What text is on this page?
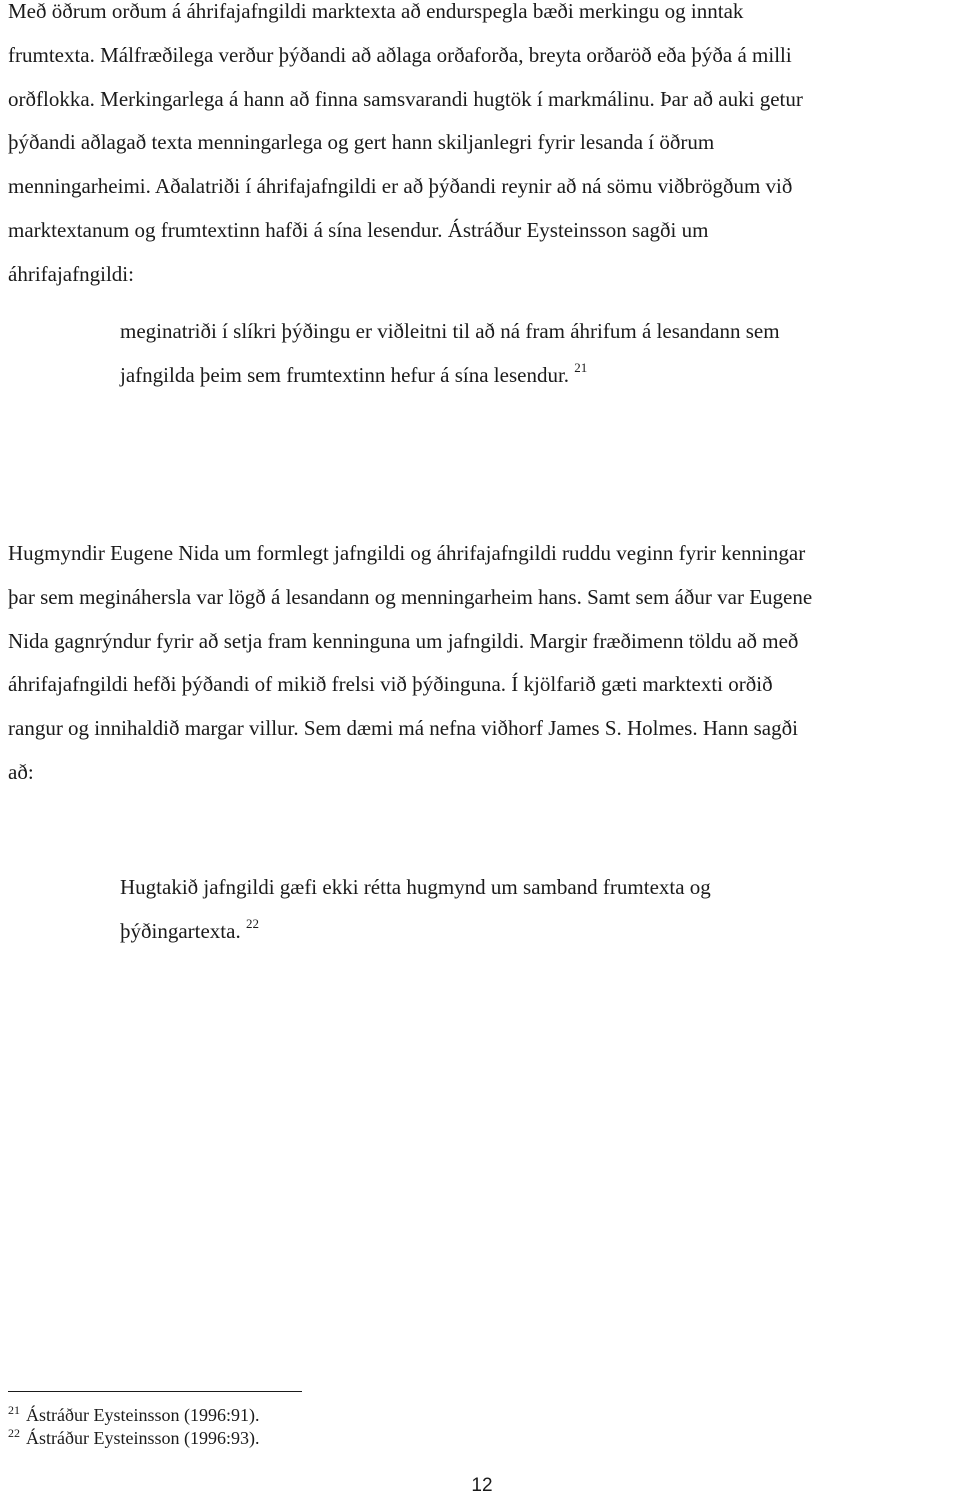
Með öðrum orðum á áhrifajafngildi marktexta að endurspegla bæði merkingu og inntak
frumtexta. Málfræðilega verður þýðandi að aðlaga orðaforða, breyta orðaröð eða þýða á milli
orðflokka. Merkingarlega á hann að finna samsvarandi hugtök í markmálinu. Þar að auki getur
þýðandi aðlagað texta menningarlega og gert hann skiljanlegri fyrir lesanda í öðrum
menningarheimi. Aðalatriði í áhrifajafngildi er að þýðandi reynir að ná sömu viðbrögðum við
marktextanum og frumtextinn hafði á sína lesendur. Ástráður Eysteinsson sagði um
áhrifajafngildi:

meginatriði í slíkri þýðingu er viðleitni til að ná fram áhrifum á lesandann sem
jafngilda þeim sem frumtextinn hefur á sína lesendur. $^{21}$

Hugmyndir Eugene Nida um formlegt jafngildi og áhrifajafngildi ruddu veginn fyrir kenningar
þar sem megináhersla var lögð á lesandann og menningarheim hans. Samt sem áður var Eugene
Nida gagnrýndur fyrir að setja fram kenninguna um jafngildi. Margir fræðimenn töldu að með
áhrifajafngildi hefði þýðandi of mikið frelsi við þýðinguna. Í kjölfarið gæti marktexti orðið
rangur og innihaldið margar villur. Sem dæmi má nefna viðhorf James S. Holmes. Hann sagði
að:

Hugtakið jafngildi gæfi ekki rétta hugmynd um samband frumtexta og
þýðingartexta. $^{22}$

$^{21}$ Ástráður Eysteinsson (1996:91).
$^{22}$ Ástráður Eysteinsson (1996:93).
12
